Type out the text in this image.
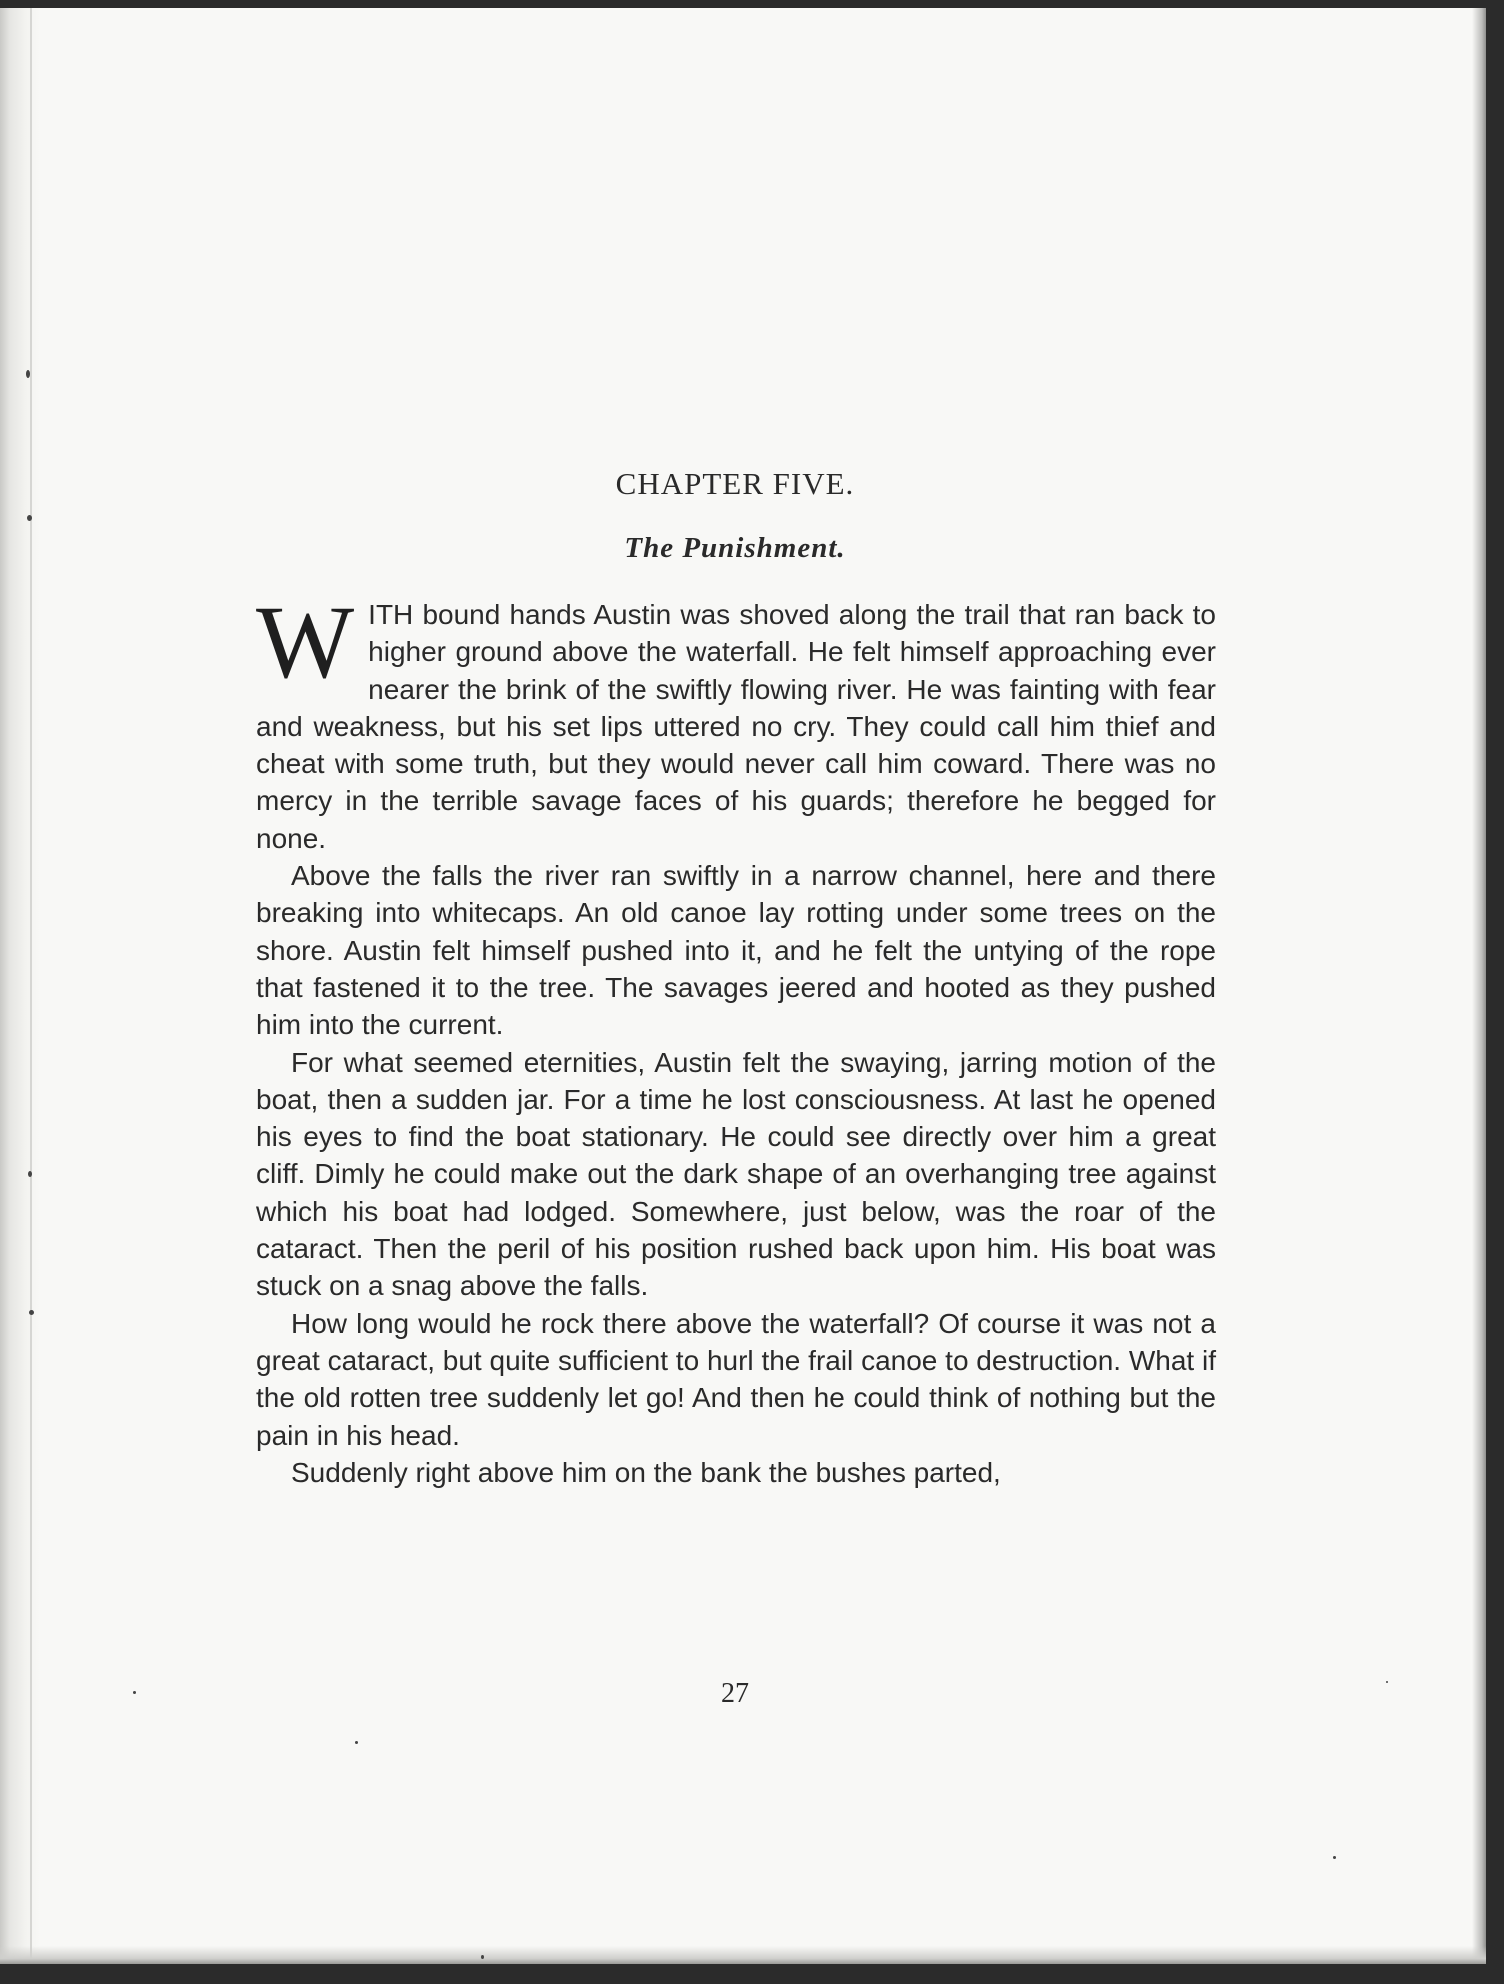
CHAPTER FIVE.
The Punishment.

WITH bound hands Austin was shoved along the trail that ran back to higher ground above the waterfall. He felt himself approaching ever nearer the brink of the swiftly flowing river. He was fainting with fear and weakness, but his set lips uttered no cry. They could call him thief and cheat with some truth, but they would never call him coward. There was no mercy in the terrible savage faces of his guards; therefore he begged for none.

Above the falls the river ran swiftly in a narrow channel, here and there breaking into whitecaps. An old canoe lay rotting under some trees on the shore. Austin felt himself pushed into it, and he felt the untying of the rope that fastened it to the tree. The savages jeered and hooted as they pushed him into the current.

For what seemed eternities, Austin felt the swaying, jarring motion of the boat, then a sudden jar. For a time he lost consciousness. At last he opened his eyes to find the boat stationary. He could see directly over him a great cliff. Dimly he could make out the dark shape of an overhanging tree against which his boat had lodged. Somewhere, just below, was the roar of the cataract. Then the peril of his position rushed back upon him. His boat was stuck on a snag above the falls.

How long would he rock there above the waterfall? Of course it was not a great cataract, but quite sufficient to hurl the frail canoe to destruction. What if the old rotten tree suddenly let go! And then he could think of nothing but the pain in his head.

Suddenly right above him on the bank the bushes parted,

27
